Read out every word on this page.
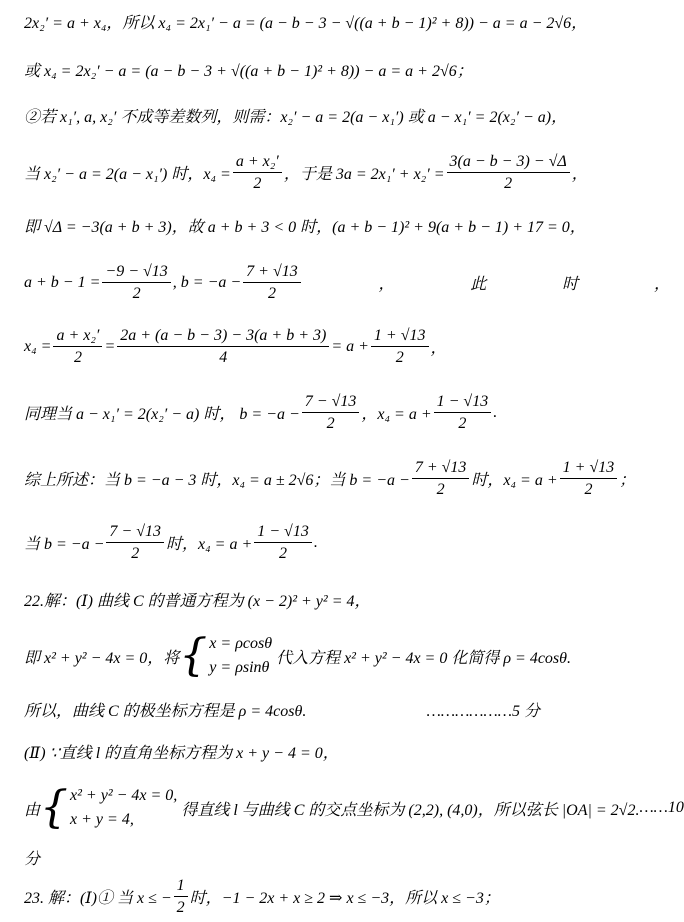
2x₂′ = a + x₄，所以 x₄ = 2x₁′ − a = (a − b − 3 − √((a + b − 1)² + 8)) − a = a − 2√6，
或 x₄ = 2x₂′ − a = (a − b − 3 + √((a + b − 1)² + 8)) − a = a + 2√6；
②若 x₁′, a, x₂′ 不成等差数列，则需：x₂′ − a = 2(a − x₁′) 或 a − x₁′ = 2(x₂′ − a)，
当 x₂′ − a = 2(a − x₁′) 时，$x_4 = \frac{\text{a + x₂′}}{2}$ ，于是 $3a = 2x_1' + x_2' = \frac{3(a - b - 3) - √\Delta}{2}$ ，
即 √Δ = −3(a + b + 3)，故 a + b + 3 < 0 时，(a + b − 1)² + 9(a + b − 1) + 17 = 0，
$a + b - 1 = \frac{-9 - √13}{2}$ , $b = -a - \frac{7 + √13}{2}$	，	此	时	，
$x_4 = \frac{\text{a + x₂′}}{2} = \frac{2a + (a - b - 3) - 3(a + b + 3)}{4} = a + \frac{1 + √13}{2}$ ，
同理当 a − x₁′ = 2(x₂′ − a) 时， $b = -a - \frac{7 - √13}{2}$ ，$x_4 = a + \frac{1 - √13}{2}$ .
综上所述：当 b = −a − 3 时，x₄ = a ± 2√6；当 $b = -a - \frac{7 + √13}{2}$ 时，$x_4 = a + \frac{1 + √13}{2}$ ；
当 $b = -a - \frac{7 - √13}{2}$ 时，$x_4 = a + \frac{1 - √13}{2}$ .
22.解：(Ⅰ) 曲线 C 的普通方程为 (x − 2)² + y² = 4，
即 x² + y² − 4x = 0，将 { x = ρcosθ
y = ρsinθ
代入方程 x² + y² − 4x = 0 化简得 ρ = 4cosθ.
所以，曲线 C 的极坐标方程是 ρ = 4cosθ.	………………5 分
(Ⅱ) ∵直线 l 的直角坐标方程为 x + y − 4 = 0，
由 { x² + y² − 4x = 0,
x + y = 4,
得直线 l 与曲线 C 的交点坐标为 (2,2), (4,0)，所以弦长 |OA| = 2√2. ……10
分
23. 解：(Ⅰ)① 当 x ≤ − $\frac{1}{2}$ 时，−1 − 2x + x ≥ 2 ⇒ x ≤ −3，所以 x ≤ −3；
